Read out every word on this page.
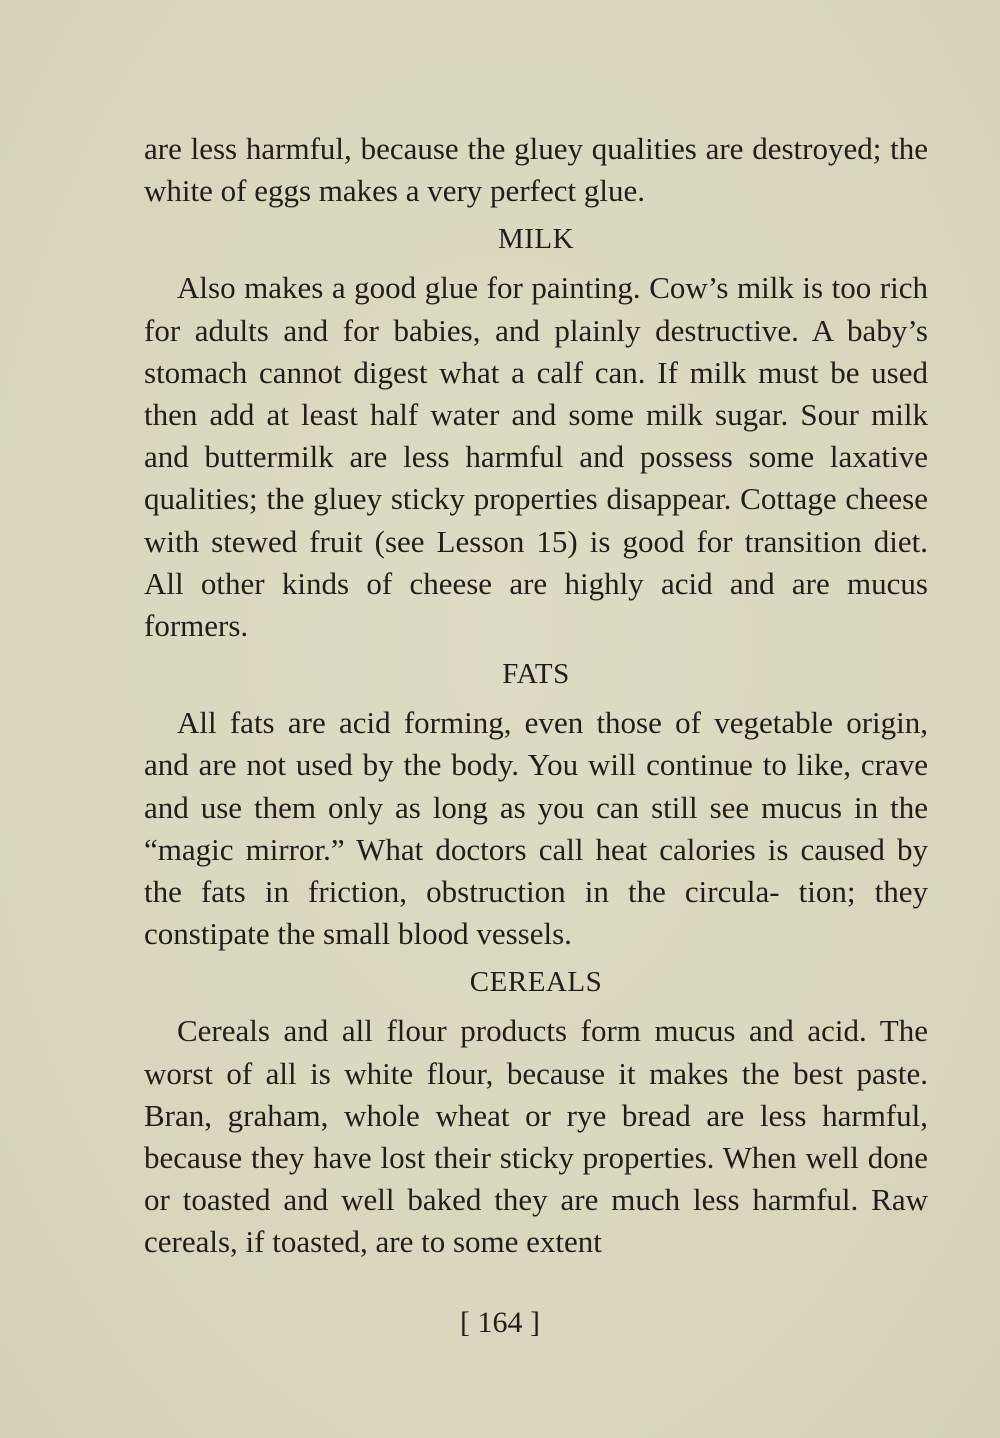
are less harmful, because the gluey qualities are destroyed; the white of eggs makes a very perfect glue.

MILK

Also makes a good glue for painting. Cow’s milk is too rich for adults and for babies, and plainly destructive. A baby’s stomach cannot digest what a calf can. If milk must be used then add at least half water and some milk sugar. Sour milk and buttermilk are less harmful and possess some laxative qualities; the gluey sticky properties disappear. Cottage cheese with stewed fruit (see Lesson 15) is good for transition diet. All other kinds of cheese are highly acid and are mucus formers.

FATS

All fats are acid forming, even those of vegetable origin, and are not used by the body. You will continue to like, crave and use them only as long as you can still see mucus in the “magic mirror.” What doctors call heat calories is caused by the fats in friction, obstruction in the circula- tion; they constipate the small blood vessels.

CEREALS

Cereals and all flour products form mucus and acid. The worst of all is white flour, because it makes the best paste. Bran, graham, whole wheat or rye bread are less harmful, because they have lost their sticky properties. When well done or toasted and well baked they are much less harmful. Raw cereals, if toasted, are to some extent

[ 164 ]
